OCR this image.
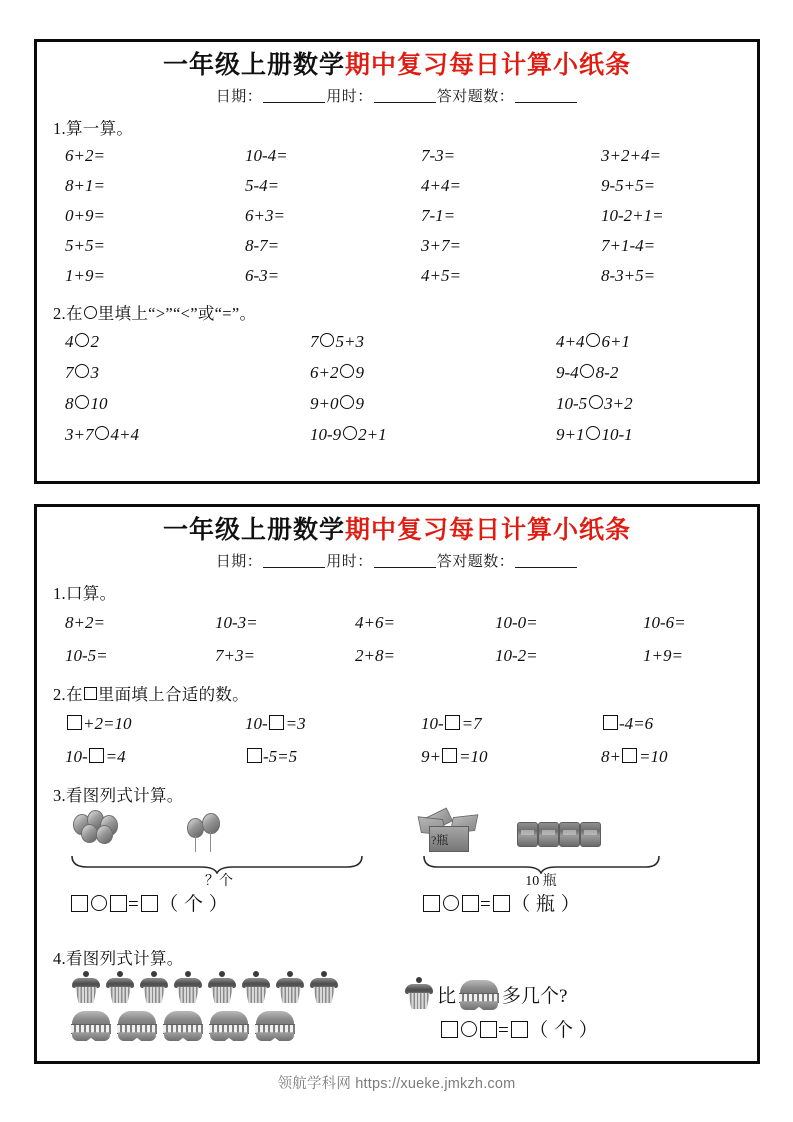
一年级上册数学期中复习每日计算小纸条
日期：	用时：	答对题数：
1.算一算。
6+2=	10-4=	7-3=	3+2+4=
8+1=	5-4=	4+4=	9-5+5=
0+9=	6+3=	7-1=	10-2+1=
5+5=	8-7=	3+7=	7+1-4=
1+9=	6-3=	4+5=	8-3+5=
2.在 里填上“>”“<”或“=”。
4 2	7 5+3	4+4 6+1
7 3	6+2 9	9-4 8-2
8 10	9+0 9	10-5 3+2
3+7 4+4	10-9 2+1	9+1 10-1
一年级上册数学期中复习每日计算小纸条
日期：	用时：	答对题数：
1.口算。
8+2=	10-3=	4+6=	10-0=	10-6=
10-5=	7+3=	2+8=	10-2=	1+9=
2.在 里面填上合适的数。
+2=10	10- =3	10- =7	-4=6
10- =4	-5=5	9+ =10	8+ =10
3.看图列式计算。
？个
= （ 个 ）
?瓶
10 瓶
= （ 瓶 ）
4.看图列式计算。
比 多几个?
= （ 个 ）
领航学科网 https://xueke.jmkzh.com
